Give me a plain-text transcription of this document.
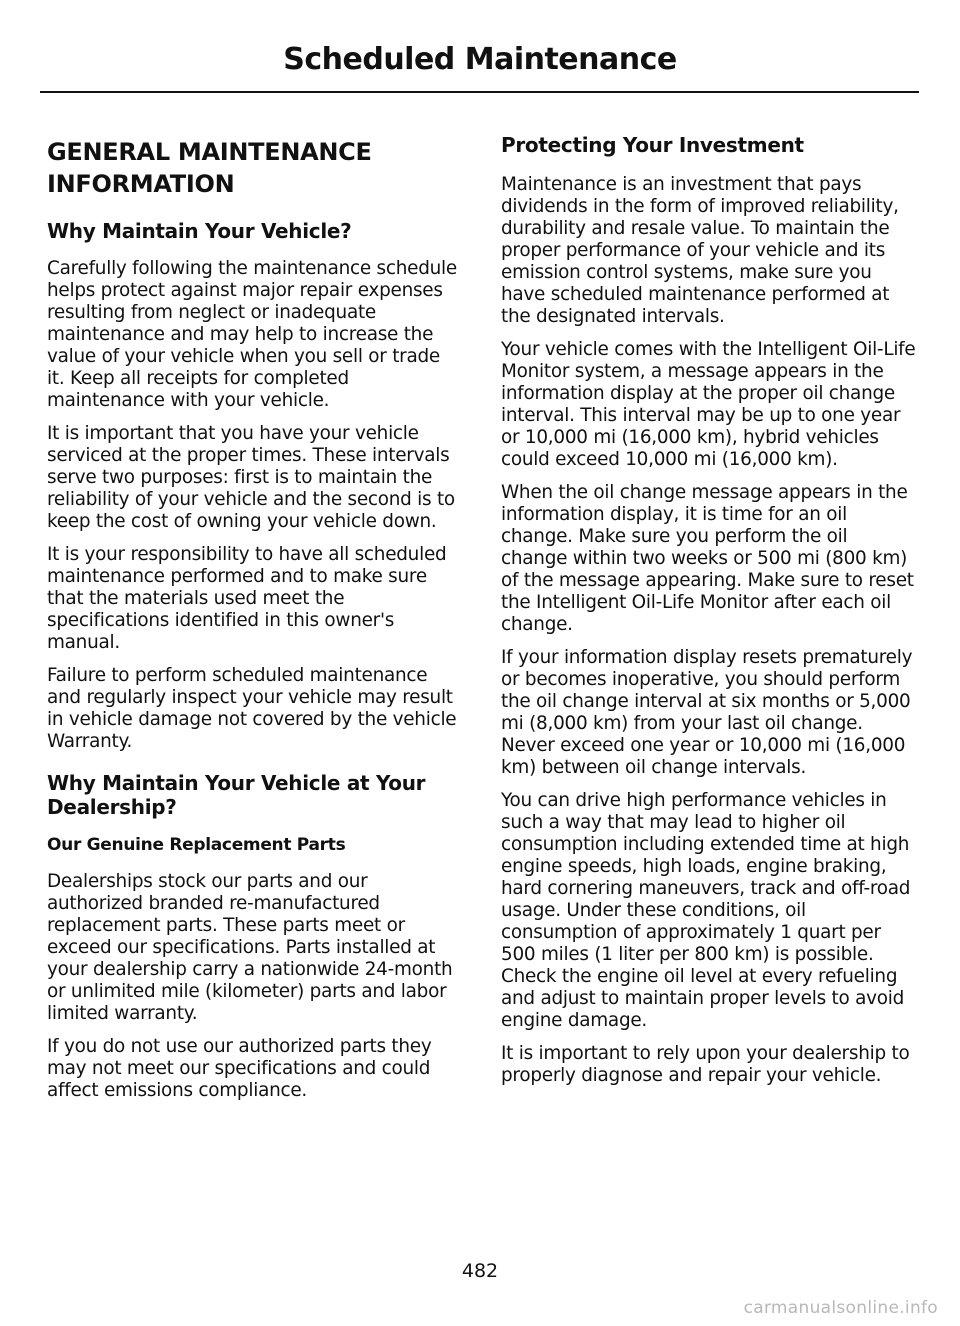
Scheduled Maintenance
GENERAL MAINTENANCE INFORMATION
Why Maintain Your Vehicle?

Carefully following the maintenance schedule helps protect against major repair expenses resulting from neglect or inadequate maintenance and may help to increase the value of your vehicle when you sell or trade it. Keep all receipts for completed maintenance with your vehicle.

It is important that you have your vehicle serviced at the proper times. These intervals serve two purposes: first is to maintain the reliability of your vehicle and the second is to keep the cost of owning your vehicle down.

It is your responsibility to have all scheduled maintenance performed and to make sure that the materials used meet the specifications identified in this owner's manual.

Failure to perform scheduled maintenance and regularly inspect your vehicle may result in vehicle damage not covered by the vehicle Warranty.

Why Maintain Your Vehicle at Your Dealership?
Our Genuine Replacement Parts

Dealerships stock our parts and our authorized branded re-manufactured replacement parts. These parts meet or exceed our specifications. Parts installed at your dealership carry a nationwide 24-month or unlimited mile (kilometer) parts and labor limited warranty.

If you do not use our authorized parts they may not meet our specifications and could affect emissions compliance.

Protecting Your Investment

Maintenance is an investment that pays dividends in the form of improved reliability, durability and resale value. To maintain the proper performance of your vehicle and its emission control systems, make sure you have scheduled maintenance performed at the designated intervals.

Your vehicle comes with the Intelligent Oil-Life Monitor system, a message appears in the information display at the proper oil change interval. This interval may be up to one year or 10,000 mi (16,000 km), hybrid vehicles could exceed 10,000 mi (16,000 km).

When the oil change message appears in the information display, it is time for an oil change. Make sure you perform the oil change within two weeks or 500 mi (800 km) of the message appearing. Make sure to reset the Intelligent Oil-Life Monitor after each oil change.

If your information display resets prematurely or becomes inoperative, you should perform the oil change interval at six months or 5,000 mi (8,000 km) from your last oil change. Never exceed one year or 10,000 mi (16,000 km) between oil change intervals.

You can drive high performance vehicles in such a way that may lead to higher oil consumption including extended time at high engine speeds, high loads, engine braking, hard cornering maneuvers, track and off-road usage. Under these conditions, oil consumption of approximately 1 quart per 500 miles (1 liter per 800 km) is possible. Check the engine oil level at every refueling and adjust to maintain proper levels to avoid engine damage.

It is important to rely upon your dealership to properly diagnose and repair your vehicle.

482
carmanualsonline.info
